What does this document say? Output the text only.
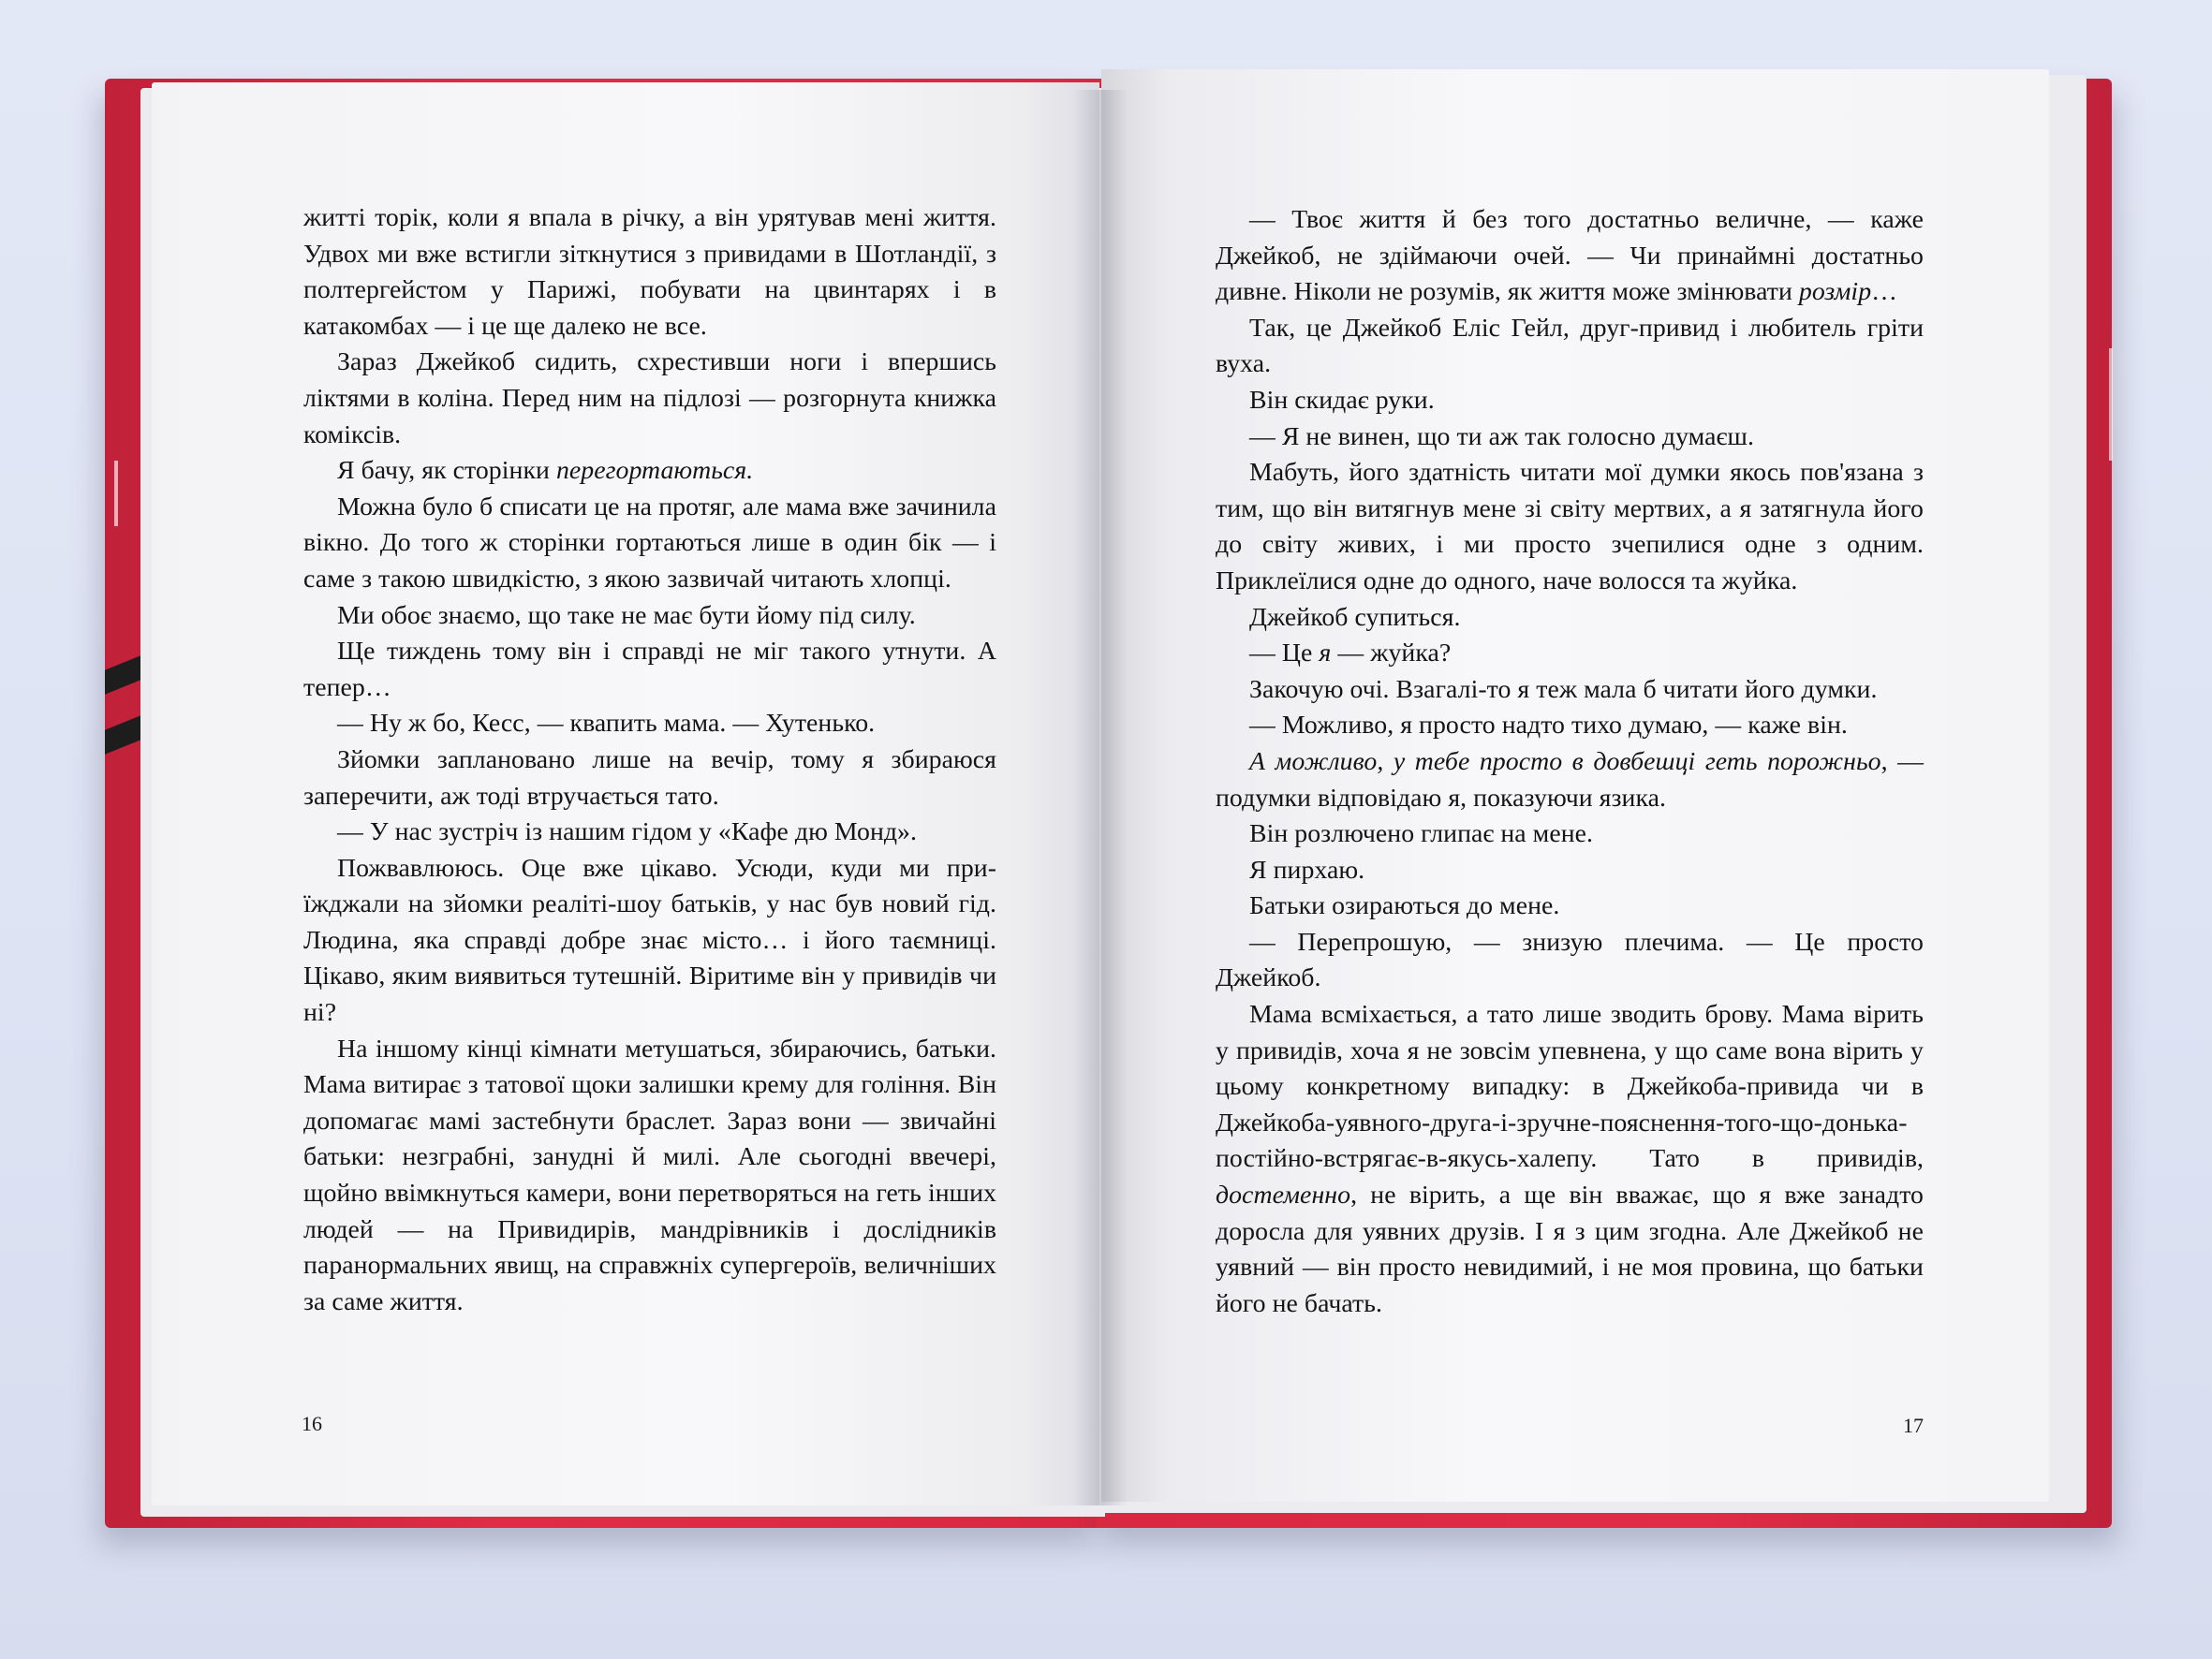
житті торік, коли я впала в річку, а він урятував мені життя. Удвох ми вже встигли зіткнутися з привидами в Шотландії, з полтергейстом у Парижі, побувати на цвинтарях і в катакомбах — і це ще далеко не все.

Зараз Джейкоб сидить, схрестивши ноги і впершись ліктями в коліна. Перед ним на підлозі — розгорнута книжка коміксів.

Я бачу, як сторінки перегортаються.

Можна було б списати це на протяг, але мама вже зачинила вікно. До того ж сторінки гортаються лише в один бік — і саме з такою швидкістю, з якою зазвичай читають хлопці.

Ми обоє знаємо, що таке не має бути йому під силу.

Ще тиждень тому він і справді не міг такого утнути. А тепер…

— Ну ж бо, Кесс, — квапить мама. — Хутенько.

Зйомки заплановано лише на вечір, тому я збираюся заперечити, аж тоді втручається тато.

— У нас зустріч із нашим гідом у «Кафе дю Монд».

Пожвавлююсь. Оце вже цікаво. Усюди, куди ми приїжджали на зйомки реаліті-шоу батьків, у нас був новий гід. Людина, яка справді добре знає місто… і його таємниці. Цікаво, яким виявиться тутешній. Віритиме він у привидів чи ні?

На іншому кінці кімнати метушаться, збираючись, батьки. Мама витирає з татової щоки залишки крему для гоління. Він допомагає мамі застебнути браслет. Зараз вони — звичайні батьки: незграбні, занудні й милі. Але сьогодні ввечері, щойно ввімкнуться камери, вони перетворяться на геть інших людей — на Привидирів, мандрівників і дослідників паранормальних явищ, на справжніх супергероїв, величніших за саме життя.

16

— Твоє життя й без того достатньо величне, — каже Джейкоб, не здіймаючи очей. — Чи принаймні достатньо дивне. Ніколи не розумів, як життя може змінювати розмір…

Так, це Джейкоб Еліс Гейл, друг-привид і любитель гріти вуха.

Він скидає руки.

— Я не винен, що ти аж так голосно думаєш.

Мабуть, його здатність читати мої думки якось пов'язана з тим, що він витягнув мене зі світу мертвих, а я затягнула його до світу живих, і ми просто зчепилися одне з одним. Приклеїлися одне до одного, наче волосся та жуйка.

Джейкоб супиться.

— Це я — жуйка?

Закочую очі. Взагалі-то я теж мала б читати його думки.

— Можливо, я просто надто тихо думаю, — каже він.

А можливо, у тебе просто в довбешці геть порожньо, — подумки відповідаю я, показуючи язика.

Він розлючено глипає на мене.

Я пирхаю.

Батьки озираються до мене.

— Перепрошую, — знизую плечима. — Це просто Джейкоб.

Мама всміхається, а тато лише зводить брову. Мама вірить у привидів, хоча я не зовсім упевнена, у що саме вона вірить у цьому конкретному випадку: в Джейкоба-привида чи в Джейкоба-уявного-друга-і-зручне-пояснення-того-що-донька-постійно-встрягає-в-якусь-халепу. Тато в привидів, достеменно, не вірить, а ще він вважає, що я вже занадто доросла для уявних друзів. І я з цим згодна. Але Джейкоб не уявний — він просто невидимий, і не моя провина, що батьки його не бачать.

17
